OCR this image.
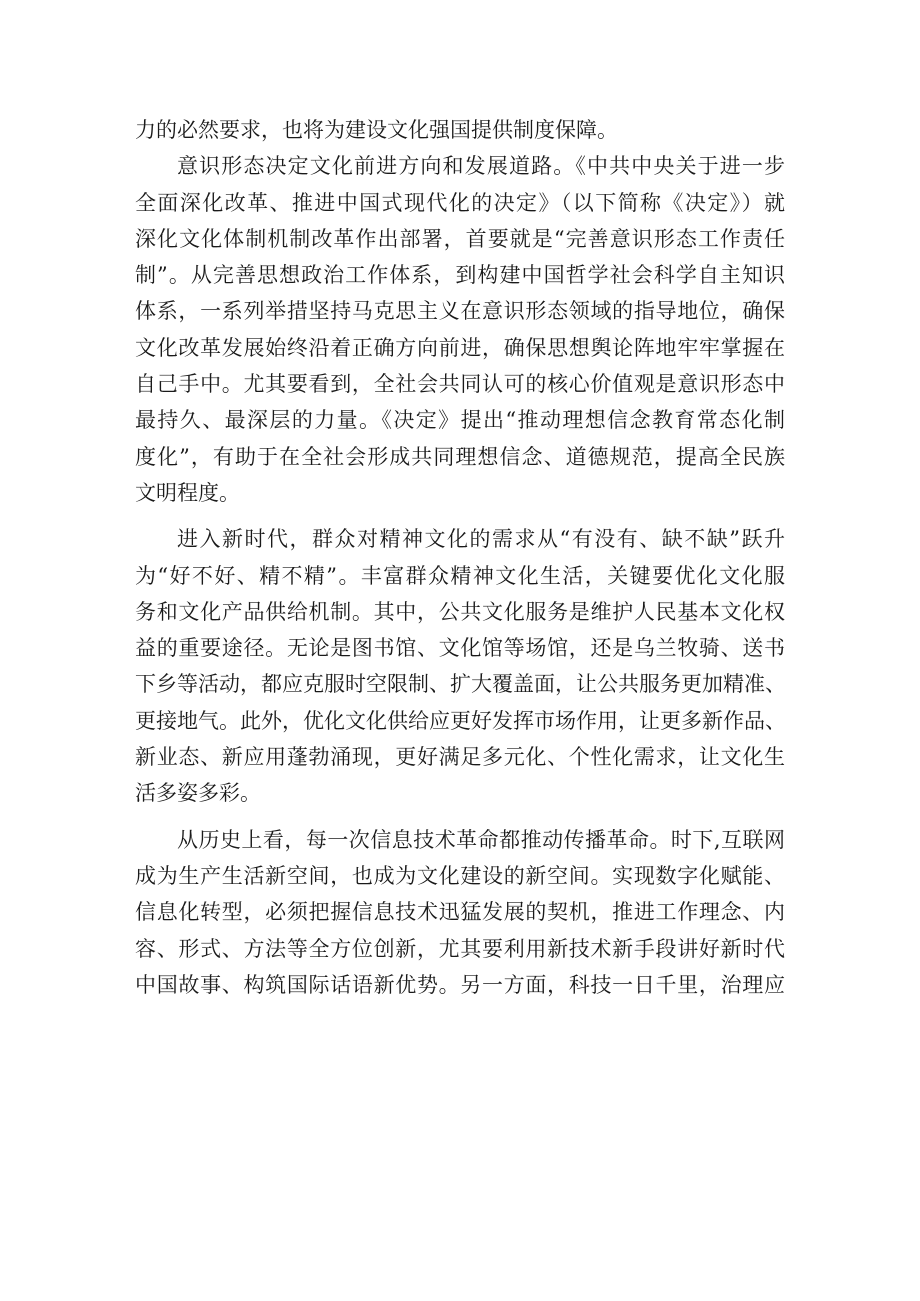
力的必然要求，也将为建设文化强国提供制度保障。
意识形态决定文化前进方向和发展道路。《中共中央关于进一步
全面深化改革、推进中国式现代化的决定》（以下简称《决定》）就
深化文化体制机制改革作出部署，首要就是“完善意识形态工作责任
制”。从完善思想政治工作体系，到构建中国哲学社会科学自主知识
体系，一系列举措坚持马克思主义在意识形态领域的指导地位，确保
文化改革发展始终沿着正确方向前进，确保思想舆论阵地牢牢掌握在
自己手中。尤其要看到，全社会共同认可的核心价值观是意识形态中
最持久、最深层的力量。《决定》提出“推动理想信念教育常态化制
度化”，有助于在全社会形成共同理想信念、道德规范，提高全民族
文明程度。
进入新时代，群众对精神文化的需求从“有没有、缺不缺”跃升
为“好不好、精不精”。丰富群众精神文化生活，关键要优化文化服
务和文化产品供给机制。其中，公共文化服务是维护人民基本文化权
益的重要途径。无论是图书馆、文化馆等场馆，还是乌兰牧骑、送书
下乡等活动，都应克服时空限制、扩大覆盖面，让公共服务更加精准、
更接地气。此外，优化文化供给应更好发挥市场作用，让更多新作品、
新业态、新应用蓬勃涌现，更好满足多元化、个性化需求，让文化生
活多姿多彩。
从历史上看，每一次信息技术革命都推动传播革命。时下,互联网
成为生产生活新空间，也成为文化建设的新空间。实现数字化赋能、
信息化转型，必须把握信息技术迅猛发展的契机，推进工作理念、内
容、形式、方法等全方位创新，尤其要利用新技术新手段讲好新时代
中国故事、构筑国际话语新优势。另一方面，科技一日千里，治理应
